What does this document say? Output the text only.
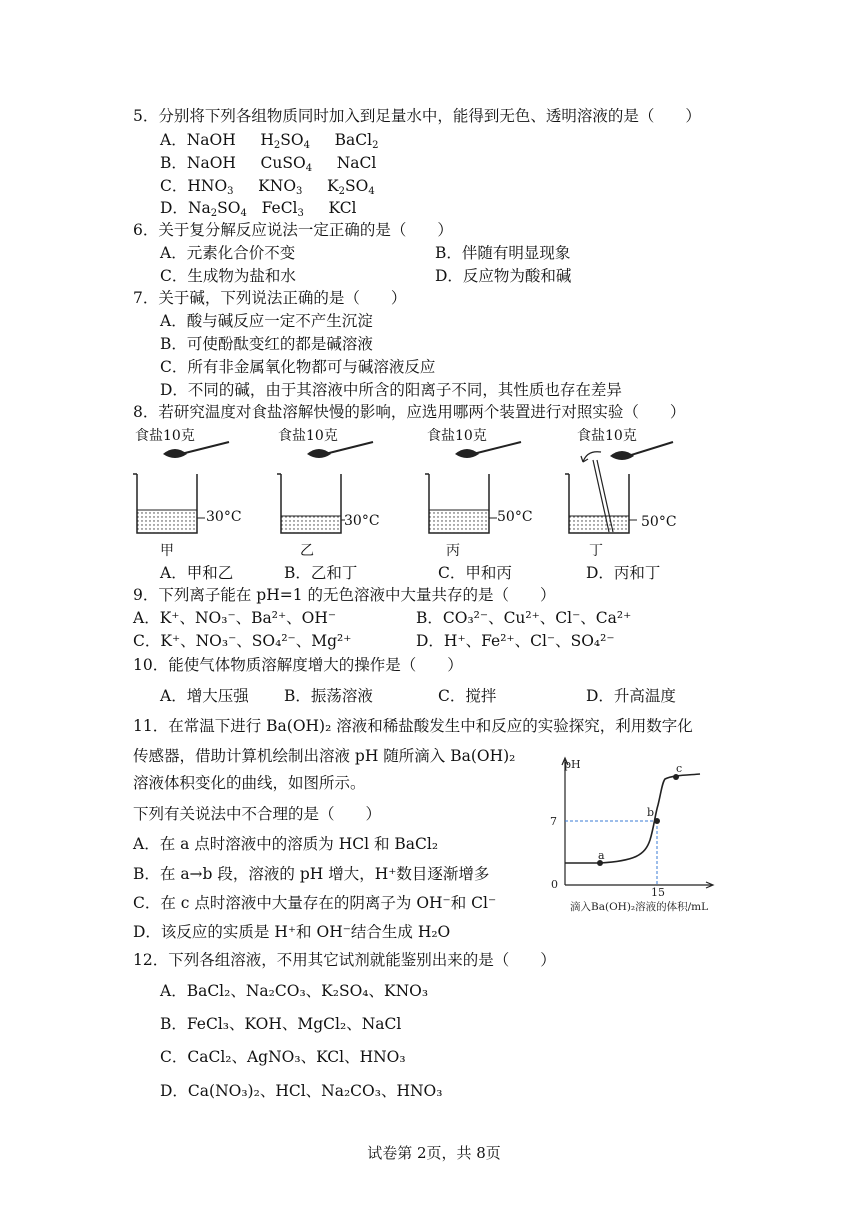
5．分别将下列各组物质同时加入到足量水中，能得到无色、透明溶液的是（　　）
A．NaOH     $H_2SO_4$     BaCl$_2$
B．NaOH     CuSO$_4$     NaCl
C．$HNO_3$     $KNO_3$     $K_2SO_4$
D．$Na_2SO_4$   FeCl$_3$     KCl
6．关于复分解反应说法一定正确的是（　　）
A．元素化合价不变	B．伴随有明显现象
C．生成物为盐和水	D．反应物为酸和碱
7．关于碱，下列说法正确的是（　　）
A．酸与碱反应一定不产生沉淀
B．可使酚酞变红的都是碱溶液
C．所有非金属氧化物都可与碱溶液反应
D．不同的碱，由于其溶液中所含的阳离子不同，其性质也存在差异
8．若研究温度对食盐溶解快慢的影响，应选用哪两个装置进行对照实验（　　）
食盐10克	食盐10克	食盐10克	食盐10克
30°C	30°C	50°C	50°C
甲	乙	丙	丁
A．甲和乙	B．乙和丁	C．甲和丙	D．丙和丁
9．下列离子能在 pH=1 的无色溶液中大量共存的是（　　）
A．K⁺、NO₃⁻、Ba²⁺、OH⁻	B．CO₃²⁻、Cu²⁺、Cl⁻、Ca²⁺
C．K⁺、NO₃⁻、SO₄²⁻、Mg²⁺	D．H⁺、Fe²⁺、Cl⁻、SO₄²⁻
10．能使气体物质溶解度增大的操作是（　　）
A．增大压强 B．振荡溶液	C．搅拌	D．升高温度
11．在常温下进行 Ba(OH)₂ 溶液和稀盐酸发生中和反应的实验探究，利用数字化
传感器，借助计算机绘制出溶液 pH 随所滴入 Ba(OH)₂
溶液体积变化的曲线，如图所示。
下列有关说法中不合理的是（　　）
A．在 a 点时溶液中的溶质为 HCl 和 BaCl₂
B．在 a→b 段，溶液的 pH 增大，H⁺数目逐渐增多
C．在 c 点时溶液中大量存在的阴离子为 OH⁻和 Cl⁻
D．该反应的实质是 H⁺和 OH⁻结合生成 H₂O
pH
0
7
15
a
b
c
滴入Ba(OH)₂溶液的体积/mL
12．下列各组溶液，不用其它试剂就能鉴别出来的是（　　）
A．BaCl₂、Na₂CO₃、K₂SO₄、KNO₃
B．FeCl₃、KOH、MgCl₂、NaCl
C．CaCl₂、AgNO₃、KCl、HNO₃
D．Ca(NO₃)₂、HCl、Na₂CO₃、HNO₃
试卷第 2页，共 8页
